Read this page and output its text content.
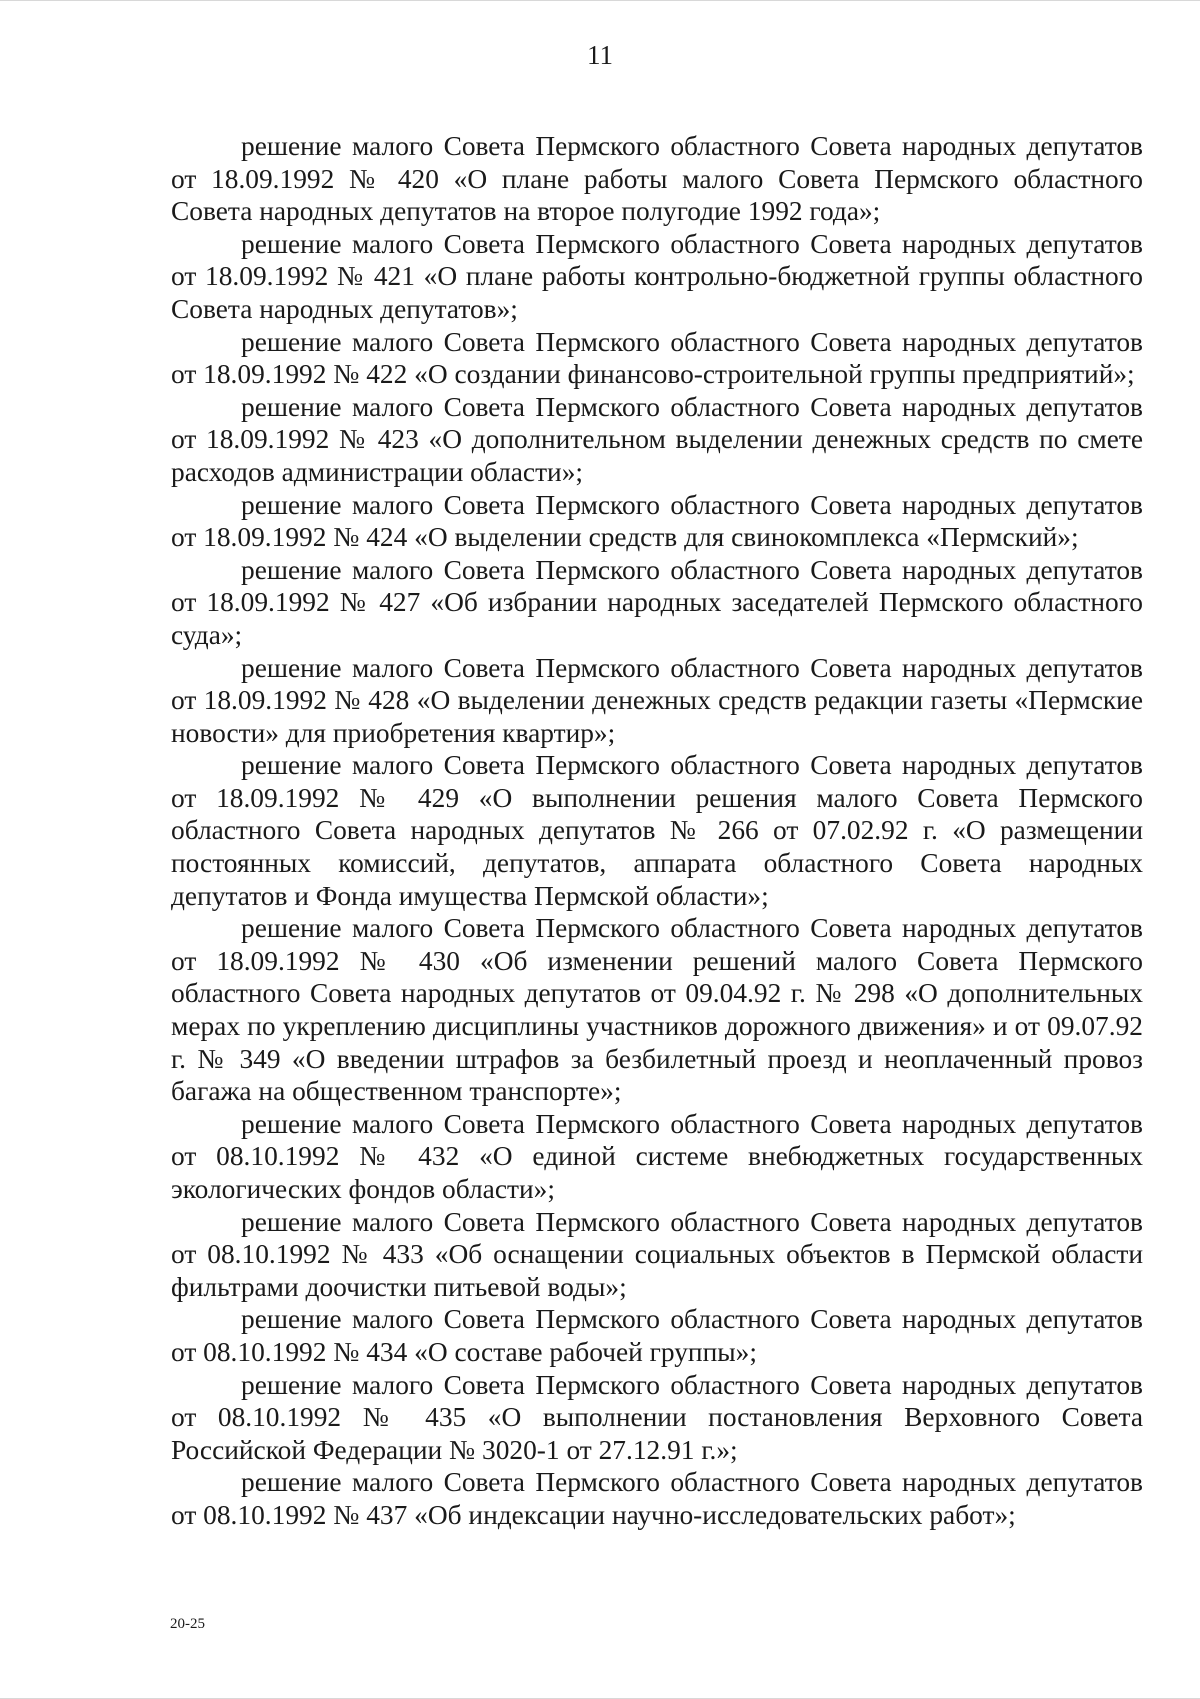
11

решение малого Совета Пермского областного Совета народных депутатов от 18.09.1992 № 420 «О плане работы малого Совета Пермского областного Совета народных депутатов на второе полугодие 1992 года»;

решение малого Совета Пермского областного Совета народных депутатов от 18.09.1992 № 421 «О плане работы контрольно-бюджетной группы областного Совета народных депутатов»;

решение малого Совета Пермского областного Совета народных депутатов от 18.09.1992 № 422 «О создании финансово-строительной группы предприятий»;

решение малого Совета Пермского областного Совета народных депутатов от 18.09.1992 № 423 «О дополнительном выделении денежных средств по смете расходов администрации области»;

решение малого Совета Пермского областного Совета народных депутатов от 18.09.1992 № 424 «О выделении средств для свинокомплекса «Пермский»;

решение малого Совета Пермского областного Совета народных депутатов от 18.09.1992 № 427 «Об избрании народных заседателей Пермского областного суда»;

решение малого Совета Пермского областного Совета народных депутатов от 18.09.1992 № 428 «О выделении денежных средств редакции газеты «Пермские новости» для приобретения квартир»;

решение малого Совета Пермского областного Совета народных депутатов от 18.09.1992 № 429 «О выполнении решения малого Совета Пермского областного Совета народных депутатов № 266 от 07.02.92 г. «О размещении постоянных комиссий, депутатов, аппарата областного Совета народных депутатов и Фонда имущества Пермской области»;

решение малого Совета Пермского областного Совета народных депутатов от 18.09.1992 № 430 «Об изменении решений малого Совета Пермского областного Совета народных депутатов от 09.04.92 г. № 298 «О дополнительных мерах по укреплению дисциплины участников дорожного движения» и от 09.07.92 г. № 349 «О введении штрафов за безбилетный проезд и неоплаченный провоз багажа на общественном транспорте»;

решение малого Совета Пермского областного Совета народных депутатов от 08.10.1992 № 432 «О единой системе внебюджетных государственных экологических фондов области»;

решение малого Совета Пермского областного Совета народных депутатов от 08.10.1992 № 433 «Об оснащении социальных объектов в Пермской области фильтрами доочистки питьевой воды»;

решение малого Совета Пермского областного Совета народных депутатов от 08.10.1992 № 434 «О составе рабочей группы»;

решение малого Совета Пермского областного Совета народных депутатов от 08.10.1992 № 435 «О выполнении постановления Верховного Совета Российской Федерации № 3020-1 от 27.12.91 г.»;

решение малого Совета Пермского областного Совета народных депутатов от 08.10.1992 № 437 «Об индексации научно-исследовательских работ»;

20-25
